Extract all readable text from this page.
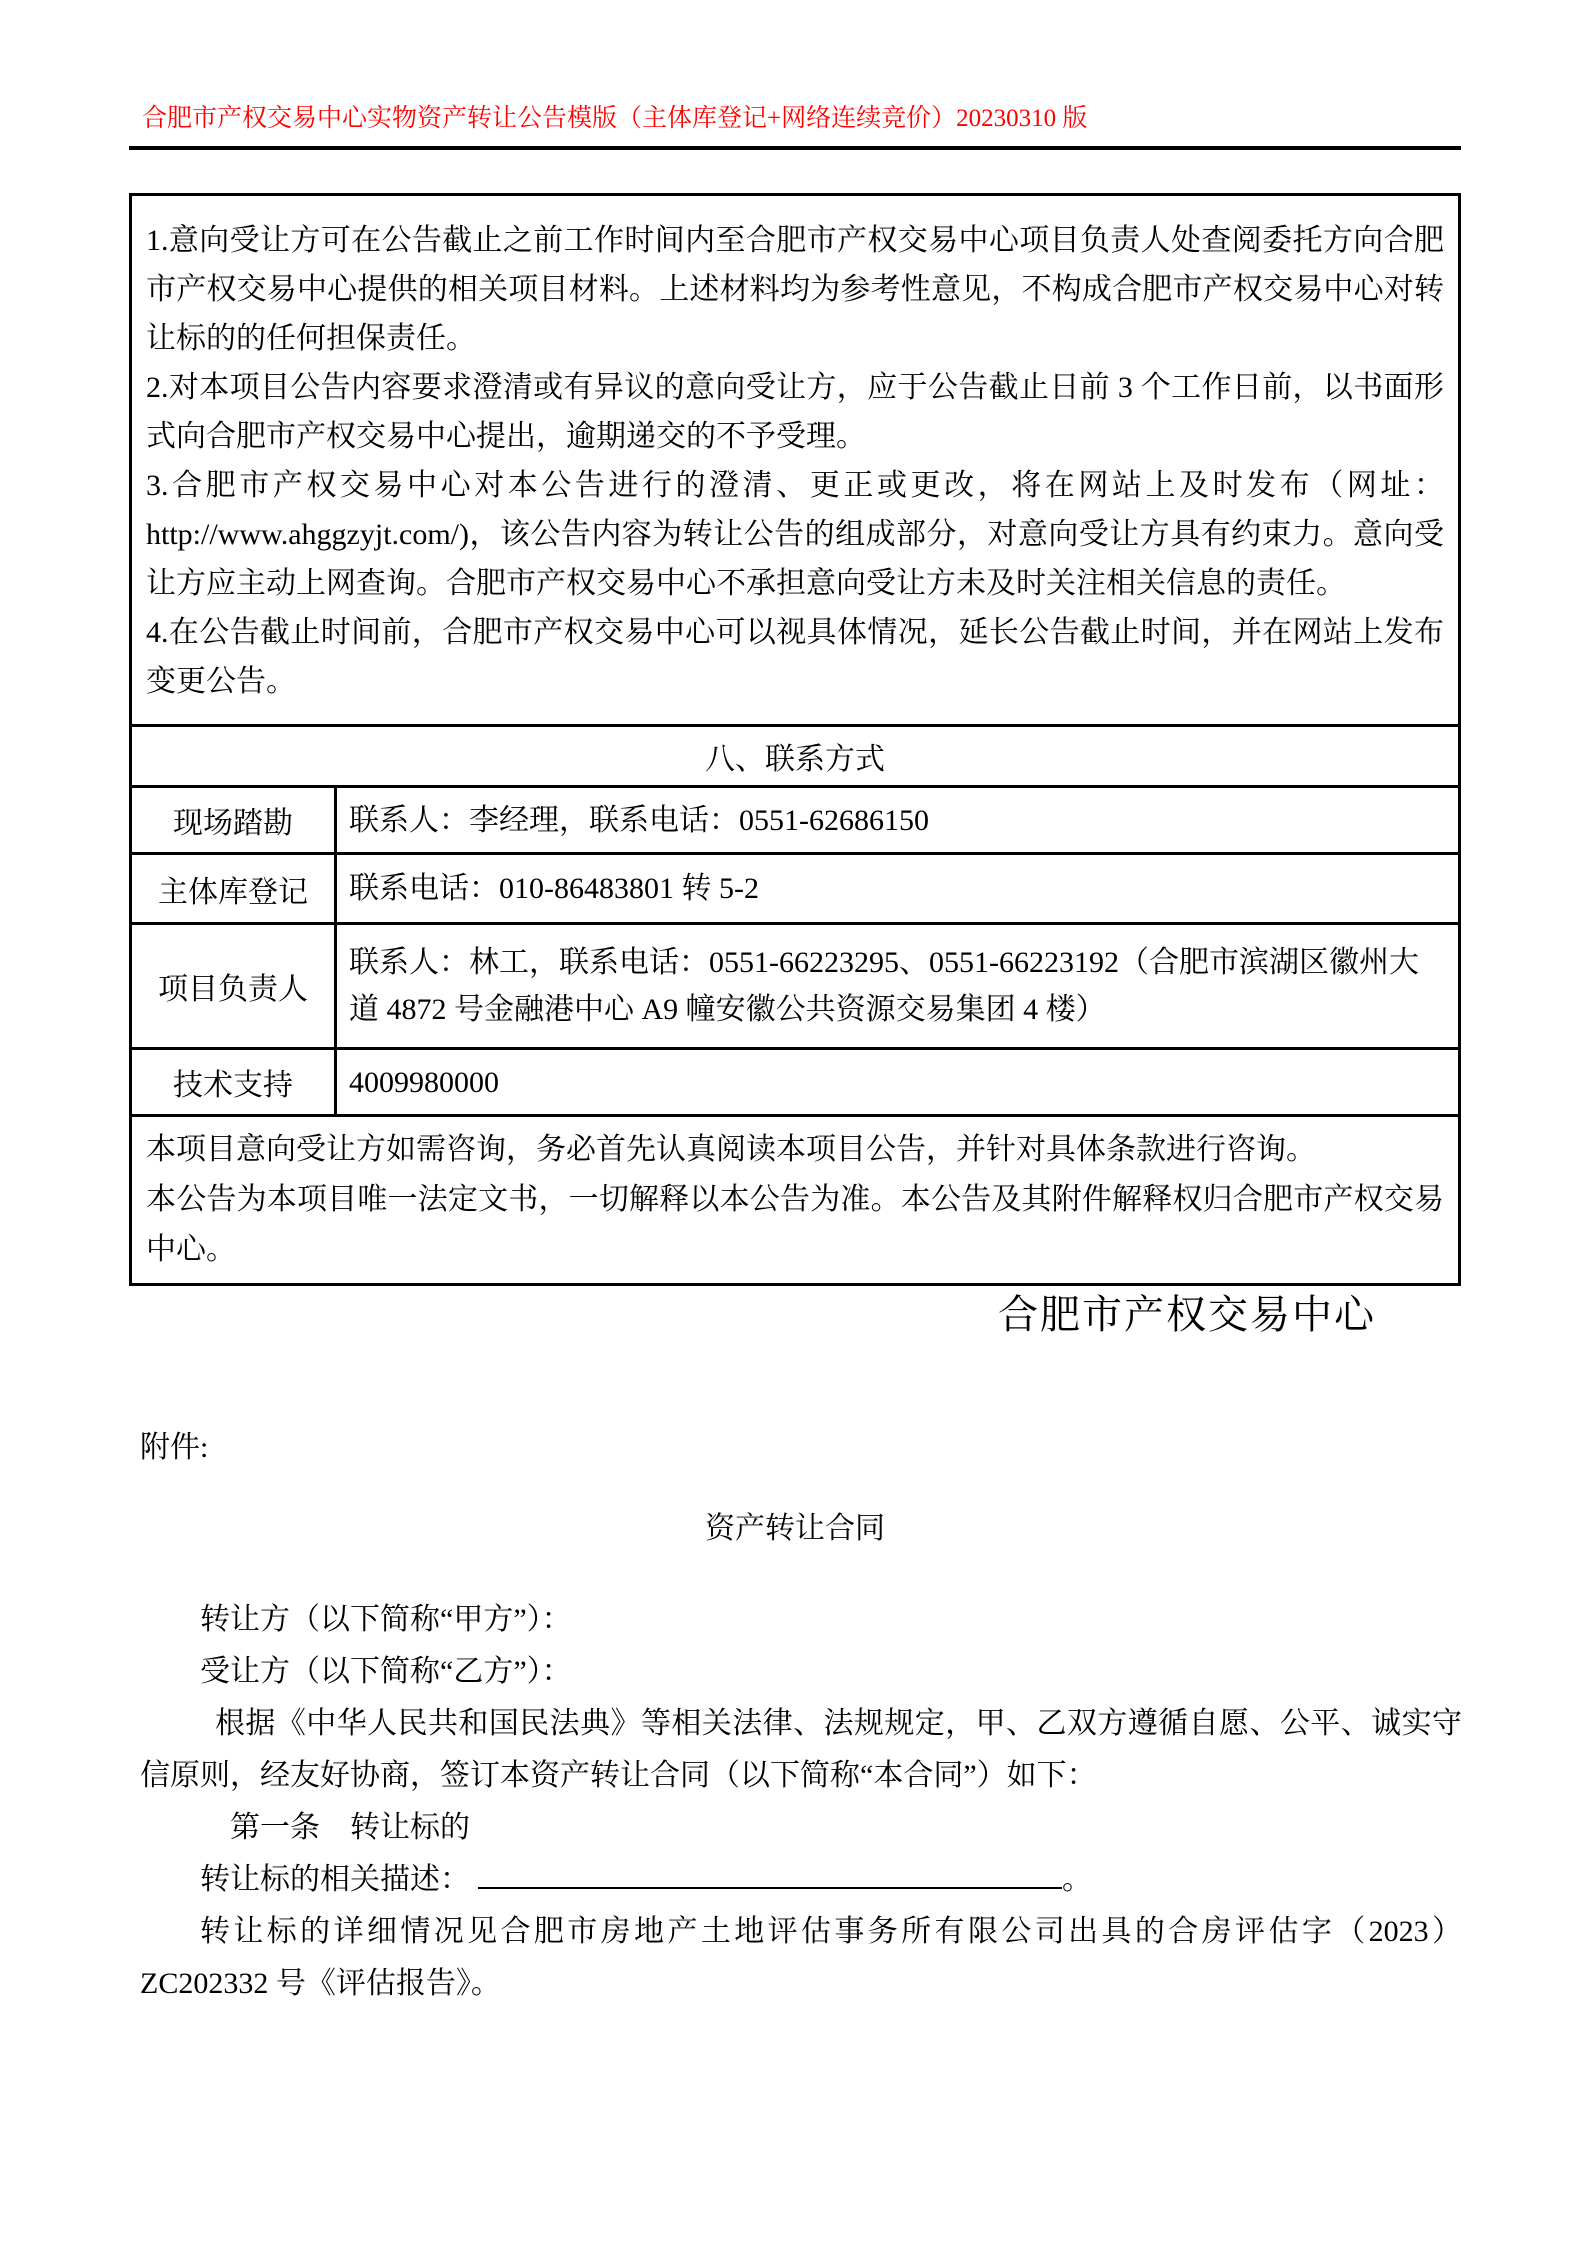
合肥市产权交易中心实物资产转让公告模版（主体库登记+网络连续竞价）20230310 版

1.意向受让方可在公告截止之前工作时间内至合肥市产权交易中心项目负责人处查阅委托方向合肥市产权交易中心提供的相关项目材料。上述材料均为参考性意见，不构成合肥市产权交易中心对转让标的的任何担保责任。

2.对本项目公告内容要求澄清或有异议的意向受让方，应于公告截止日前 3 个工作日前，以书面形式向合肥市产权交易中心提出，逾期递交的不予受理。

3.合肥市产权交易中心对本公告进行的澄清、更正或更改，将在网站上及时发布（网址：http://www.ahggzyjt.com/)，该公告内容为转让公告的组成部分，对意向受让方具有约束力。意向受让方应主动上网查询。合肥市产权交易中心不承担意向受让方未及时关注相关信息的责任。

4.在公告截止时间前，合肥市产权交易中心可以视具体情况，延长公告截止时间，并在网站上发布变更公告。	

八、联系方式	
现场踏勘	联系人：李经理，联系电话：0551-62686150
主体库登记	联系电话：010-86483801 转 5-2
项目负责人	联系人：林工，联系电话：0551-66223295、0551-66223192（合肥市滨湖区徽州大道 4872 号金融港中心 A9 幢安徽公共资源交易集团 4 楼）
技术支持	4009980000

本项目意向受让方如需咨询，务必首先认真阅读本项目公告，并针对具体条款进行咨询。

本公告为本项目唯一法定文书，一切解释以本公告为准。本公告及其附件解释权归合肥市产权交易中心。	

合肥市产权交易中心
附件:
资产转让合同

转让方（以下简称“甲方”）：

受让方（以下简称“乙方”）：

根据《中华人民共和国民法典》等相关法律、法规规定，甲、乙双方遵循自愿、公平、诚实守信原则，经友好协商，签订本资产转让合同（以下简称“本合同”）如下：

第一条　转让标的

转让标的相关描述：	。

转让标的详细情况见合肥市房地产土地评估事务所有限公司出具的合房评估字（2023）ZC202332 号《评估报告》。
